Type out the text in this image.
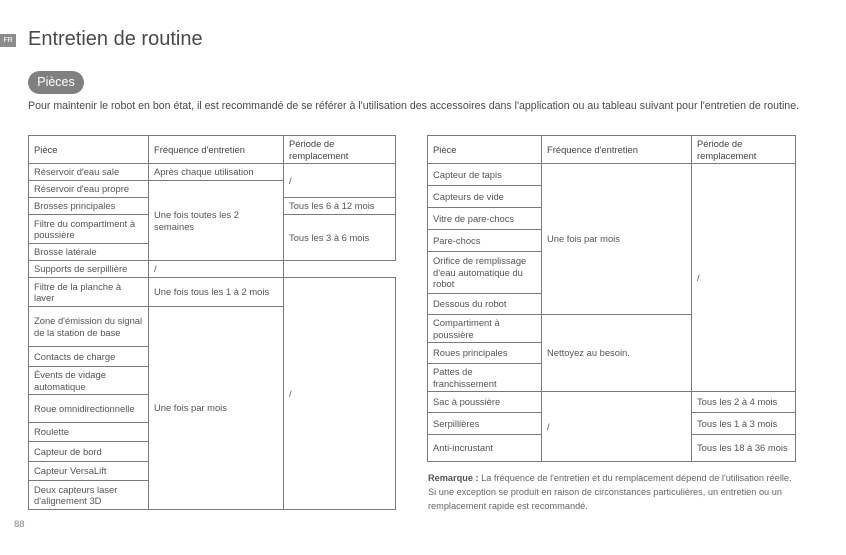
FR Entretien de routine
Pièces

Pour maintenir le robot en bon état, il est recommandé de se référer à l'utilisation des accessoires dans l'application ou au tableau suivant pour l'entretien de routine.

Pièce	Fréquence d'entretien	Période de remplacement
Réservoir d'eau sale	Après chaque utilisation	/
Réservoir d'eau propre	Une fois toutes les 2 semaines	
Brosses principales		Tous les 6 à 12 mois
Filtre du compartiment à poussière		Tous les 3 à 6 mois
Brosse latérale		
Supports de serpillière	/	
Filtre de la planche à laver	Une fois tous les 1 à 2 mois	/
Zone d'émission du signal de la station de base	Une fois par mois	
Contacts de charge		
Évents de vidage automatique		
Roue omnidirectionnelle		
Roulette		
Capteur de bord		
Capteur VersaLift		
Deux capteurs laser d'alignement 3D		
Pièce	Fréquence d'entretien	Période de remplacement
Capteur de tapis	Une fois par mois	/
Capteurs de vide		
Vitre de pare-chocs		
Pare-chocs		
Orifice de remplissage d'eau automatique du robot		
Dessous du robot		
Compartiment à poussière	Nettoyez au besoin.	
Roues principales		
Pattes de franchissement		
Sac à poussière	/	Tous les 2 à 4 mois
Serpillières		Tous les 1 à 3 mois
Anti-incrustant		Tous les 18 à 36 mois

Remarque : La fréquence de l'entretien et du remplacement dépend de l'utilisation réelle. Si une exception se produit en raison de circonstances particulières, un entretien ou un remplacement rapide est recommandé.

88
